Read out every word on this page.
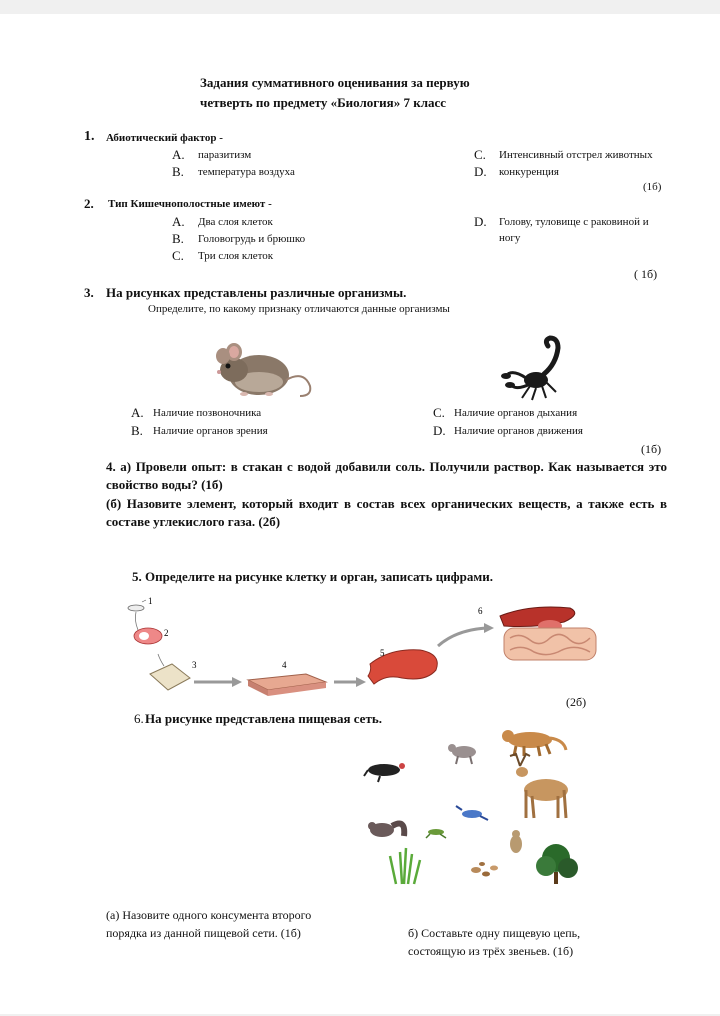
Задания суммативного оценивания за первую
четверть по предмету «Биология» 7 класс
1. Абиотический фактор -
A. паразитизм
B. температура воздуха
C. Интенсивный отстрел животных
D. конкуренция
(1б)
2. Тип Кишечнополостные имеют -
A. Два слоя клеток
B. Головогрудь и брюшко
C. Три слоя клеток
D. Голову, туловище с раковиной и
ногу
( 1б)
3. На рисунках представлены различные организмы.
Определите, по какому признаку отличаются данные организмы
A. Наличие позвоночника
B. Наличие органов зрения
C. Наличие органов дыхания
D. Наличие органов движения
(1б)
4. а) Провели опыт: в стакан с водой добавили соль. Получили раствор. Как называется это свойство воды? (1б)
(б) Назовите элемент, который входит в состав всех органических веществ, а также есть в составе углекислого газа. (2б)
5. Определите на рисунке клетку и орган, записать цифрами.
1
2
3	4
5
6
(2б)
6. На рисунке представлена пищевая сеть.
(а) Назовите одного консумента второго
порядка из данной пищевой сети. (1б)	б) Составьте одну пищевую цепь,
состоящую из трёх звеньев. (1б)
